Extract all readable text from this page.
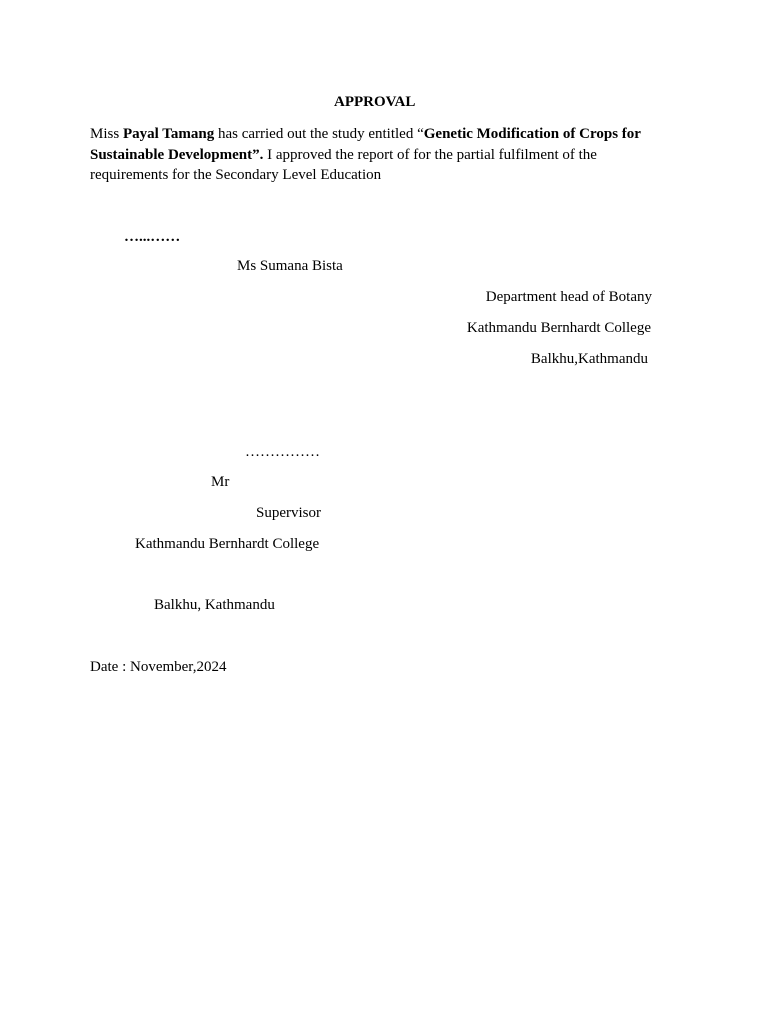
APPROVAL
Miss Payal Tamang has carried out the study entitled “Genetic Modification of Crops for Sustainable Development”. I approved the report of for the partial fulfilment of the requirements for the Secondary Level Education
…...……
Ms Sumana Bista
Department head of Botany
Kathmandu Bernhardt College
Balkhu,Kathmandu
……………
Mr
Supervisor
Kathmandu Bernhardt College
Balkhu, Kathmandu
Date : November,2024
